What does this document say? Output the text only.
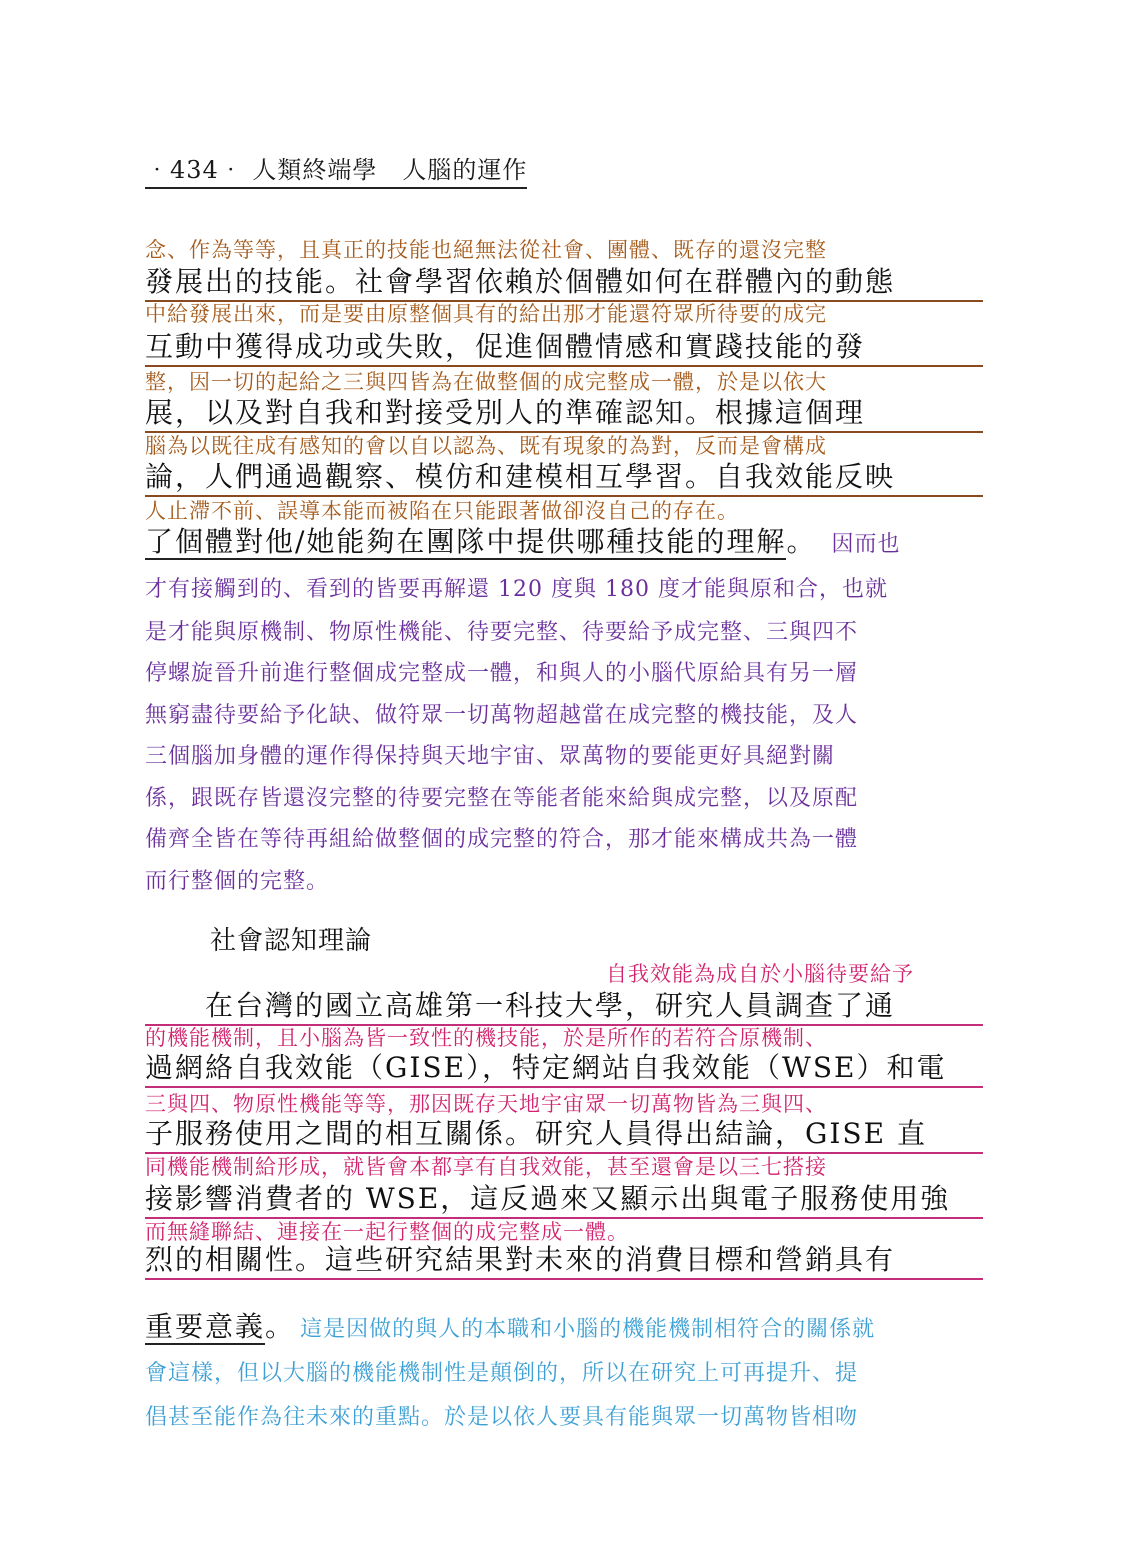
‧434‧ 人類終端學　人腦的運作
念、作為等等，且真正的技能也絕無法從社會、團體、既存的還沒完整
發展出的技能。社會學習依賴於個體如何在群體內的動態
中給發展出來，而是要由原整個具有的給出那才能還符眾所待要的成完
互動中獲得成功或失敗，促進個體情感和實踐技能的發
整，因一切的起給之三與四皆為在做整個的成完整成一體，於是以依大
展，以及對自我和對接受別人的準確認知。根據這個理
腦為以既往成有感知的會以自以認為、既有現象的為對，反而是會構成
論，人們通過觀察、模仿和建模相互學習。自我效能反映
人止滯不前、誤導本能而被陷在只能跟著做卻沒自己的存在。
了個體對他/她能夠在團隊中提供哪種技能的理解。 因而也
才有接觸到的、看到的皆要再解還 120 度與 180 度才能與原和合，也就
是才能與原機制、物原性機能、待要完整、待要給予成完整、三與四不
停螺旋晉升前進行整個成完整成一體，和與人的小腦代原給具有另一層
無窮盡待要給予化缺、做符眾一切萬物超越當在成完整的機技能，及人
三個腦加身體的運作得保持與天地宇宙、眾萬物的要能更好具絕對關
係，跟既存皆還沒完整的待要完整在等能者能來給與成完整，以及原配
備齊全皆在等待再組給做整個的成完整的符合，那才能來構成共為一體
而行整個的完整。
社會認知理論
自我效能為成自於小腦待要給予
　　在台灣的國立高雄第一科技大學，研究人員調查了通
的機能機制，且小腦為皆一致性的機技能，於是所作的若符合原機制、
過網絡自我效能（GISE），特定網站自我效能（WSE）和電
三與四、物原性機能等等，那因既存天地宇宙眾一切萬物皆為三與四、
子服務使用之間的相互關係。研究人員得出結論，GISE 直
同機能機制給形成，就皆會本都享有自我效能，甚至還會是以三七搭接
接影響消費者的 WSE，這反過來又顯示出與電子服務使用強
而無縫聯結、連接在一起行整個的成完整成一體。
烈的相關性。這些研究結果對未來的消費目標和營銷具有
重要意義。 這是因做的與人的本職和小腦的機能機制相符合的關係就
會這樣，但以大腦的機能機制性是顛倒的，所以在研究上可再提升、提
倡甚至能作為往未來的重點。於是以依人要具有能與眾一切萬物皆相吻
